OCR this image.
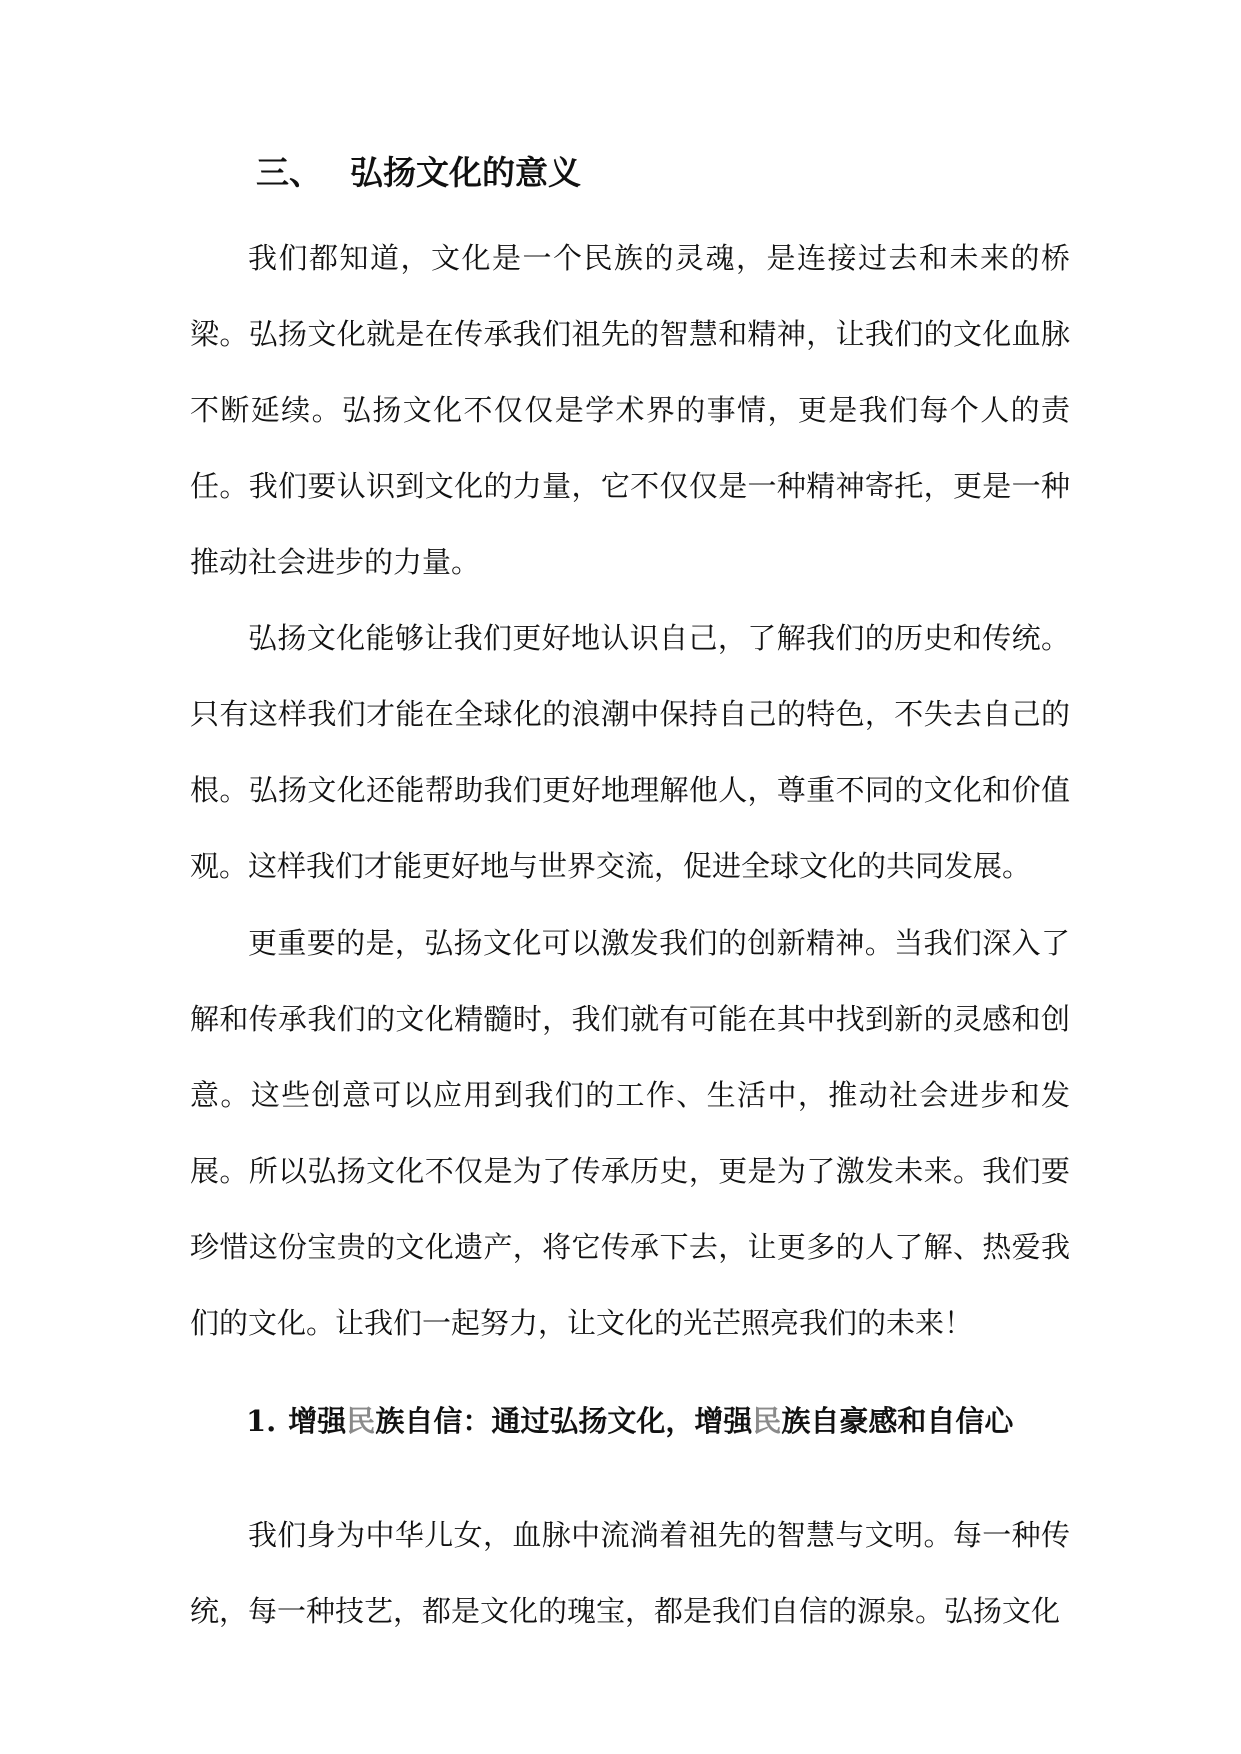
三、 弘扬文化的意义

我们都知道，文化是一个民族的灵魂，是连接过去和未来的桥梁。弘扬文化就是在传承我们祖先的智慧和精神，让我们的文化血脉不断延续。弘扬文化不仅仅是学术界的事情，更是我们每个人的责任。我们要认识到文化的力量，它不仅仅是一种精神寄托，更是一种推动社会进步的力量。

弘扬文化能够让我们更好地认识自己，了解我们的历史和传统。只有这样我们才能在全球化的浪潮中保持自己的特色，不失去自己的根。弘扬文化还能帮助我们更好地理解他人，尊重不同的文化和价值观。这样我们才能更好地与世界交流，促进全球文化的共同发展。

更重要的是，弘扬文化可以激发我们的创新精神。当我们深入了解和传承我们的文化精髓时，我们就有可能在其中找到新的灵感和创意。这些创意可以应用到我们的工作、生活中，推动社会进步和发展。所以弘扬文化不仅是为了传承历史，更是为了激发未来。我们要珍惜这份宝贵的文化遗产，将它传承下去，让更多的人了解、热爱我们的文化。让我们一起努力，让文化的光芒照亮我们的未来！

1. 增强民族自信：通过弘扬文化，增强民族自豪感和自信心

我们身为中华儿女，血脉中流淌着祖先的智慧与文明。每一种传统，每一种技艺，都是文化的瑰宝，都是我们自信的源泉。弘扬文化
